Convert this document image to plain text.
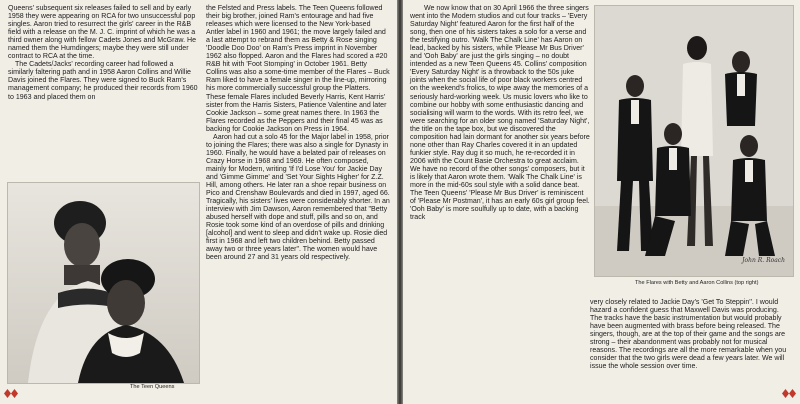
Queens' subsequent six releases failed to sell and by early 1958 they were appearing on RCA for two unsuccessful pop singles. Aaron tried to resurrect the girls' career in the R&B field with a release on the M. J. C. imprint of which he was a third owner along with fellow Cadets Jones and McGraw. He named them the Humdingers; maybe they were still under contract to RCA at the time.

The Cadets/Jacks' recording career had followed a similarly faltering path and in 1958 Aaron Collins and Willie Davis joined the Flares. They were signed to Buck Ram's management company; he produced their records from 1960 to 1963 and placed them on

The Teen Queens

the Felsted and Press labels. The Teen Queens followed their big brother, joined Ram's entourage and had five releases which were licensed to the New York-based Antler label in 1960 and 1961; the move largely failed and a last attempt to rebrand them as Betty & Rose singing 'Doodle Doo Doo' on Ram's Press imprint in November 1962 also flopped. Aaron and the Flares had scored a #20 R&B hit with 'Foot Stomping' in October 1961. Betty Collins was also a some-time member of the Flares – Buck Ram liked to have a female singer in the line-up, mirroring his more commercially successful group the Platters. These female Flares included Beverly Harris, Kent Harris' sister from the Harris Sisters, Patience Valentine and later Cookie Jackson – some great names there. In 1963 the Flares recorded as the Peppers and their final 45 was as backing for Cookie Jackson on Press in 1964.

Aaron had cut a solo 45 for the Major label in 1958, prior to joining the Flares; there was also a single for Dynasty in 1960. Finally, he would have a belated pair of releases on Crazy Horse in 1968 and 1969. He often composed, mainly for Modern, writing 'If I'd Lose You' for Jackie Day and 'Gimme Gimme' and 'Set Your Sights Higher' for Z.Z. Hill, among others. He later ran a shoe repair business on Pico and Crenshaw Boulevards and died in 1997, aged 66. Tragically, his sisters' lives were considerably shorter. In an interview with Jim Dawson, Aaron remembered that "Betty abused herself with dope and stuff, pills and so on, and Rosie took some kind of an overdose of pills and drinking [alcohol] and went to sleep and didn't wake up. Rosie died first in 1968 and left two children behind. Betty passed away two or three years later". The women would have been around 27 and 31 years old respectively.

We now know that on 30 April 1966 the three singers went into the Modern studios and cut four tracks – 'Every Saturday Night' featured Aaron for the first half of the song, then one of his sisters takes a solo for a verse and the testifying outro. 'Walk The Chalk Line' has Aaron on lead, backed by his sisters, while 'Please Mr Bus Driver' and 'Ooh Baby' are just the girls singing – no doubt intended as a new Teen Queens 45. Collins' composition 'Every Saturday Night' is a throwback to the 50s juke joints when the social life of poor black workers centred on the weekend's frolics, to wipe away the memories of a seriously hard-working week. Us music lovers who like to combine our hobby with some enthusiastic dancing and socialising will warm to the words. With its retro feel, we were searching for an older song named 'Saturday Night', the title on the tape box, but we discovered the composition had lain dormant for another six years before none other than Ray Charles covered it in an updated funkier style. Ray dug it so much, he re-recorded it in 2006 with the Count Basie Orchestra to great acclaim. We have no record of the other songs' composers, but it is likely that Aaron wrote them. 'Walk The Chalk Line' is more in the mid-60s soul style with a solid dance beat. The Teen Queens' 'Please Mr Bus Driver' is reminiscent of 'Please Mr Postman', it has an early 60s girl group feel. 'Ooh Baby' is more soulfully up to date, with a backing track

John R. Roach
The Flares with Betty and Aaron Collins (top right)
very closely related to Jackie Day's 'Get To Steppin''. I would hazard a confident guess that Maxwell Davis was producing. The tracks have the basic instrumentation but would probably have been augmented with brass before being released. The singers, though, are at the top of their game and the songs are strong – their abandonment was probably not for musical reasons. The recordings are all the more remarkable when you consider that the two girls were dead a few years later. We will issue the whole session over time.
